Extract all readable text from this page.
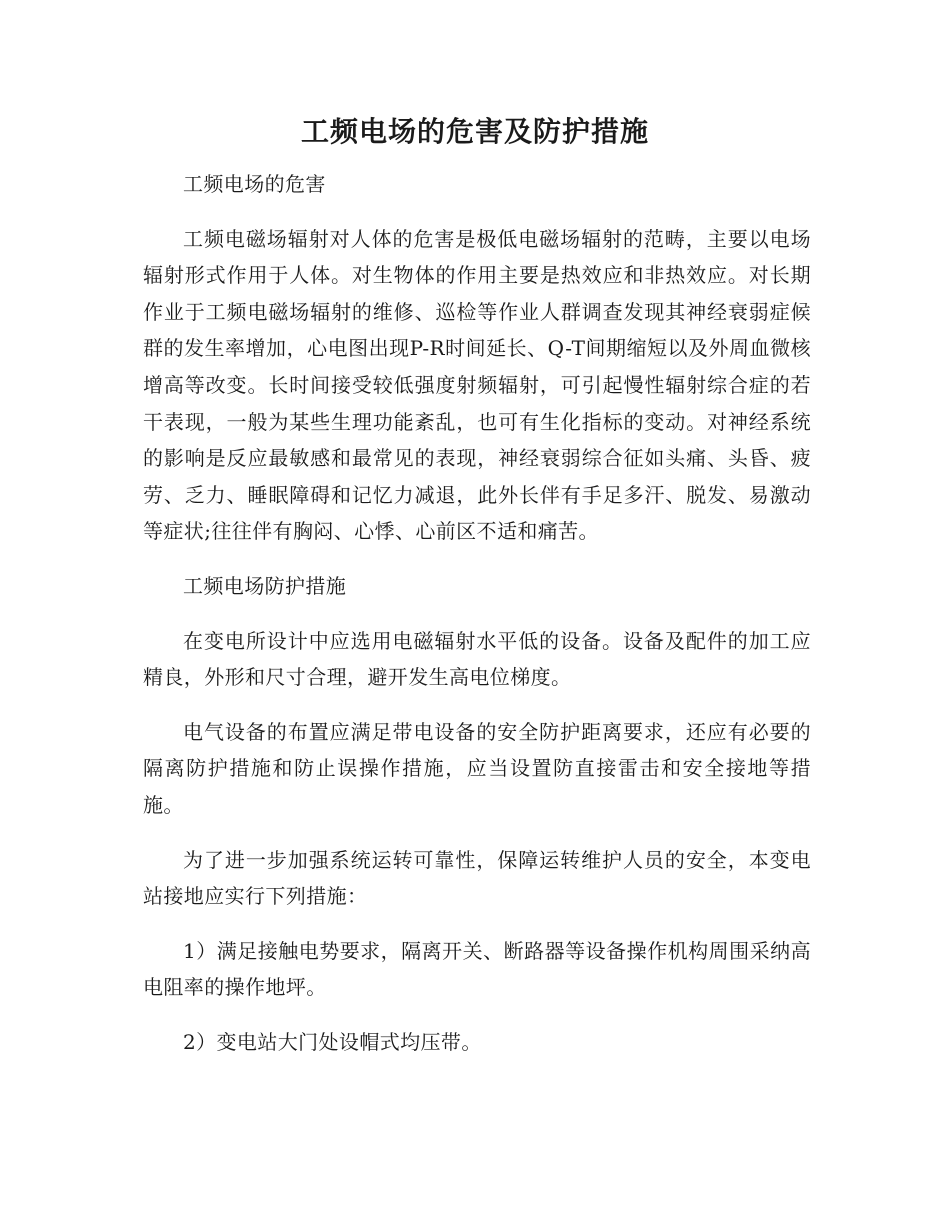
工频电场的危害及防护措施

工频电场的危害

工频电磁场辐射对人体的危害是极低电磁场辐射的范畴，主要以电场辐射形式作用于人体。对生物体的作用主要是热效应和非热效应。对长期作业于工频电磁场辐射的维修、巡检等作业人群调查发现其神经衰弱症候群的发生率增加，心电图出现P-R时间延长、Q-T间期缩短以及外周血微核增高等改变。长时间接受较低强度射频辐射，可引起慢性辐射综合症的若干表现，一般为某些生理功能紊乱，也可有生化指标的变动。对神经系统的影响是反应最敏感和最常见的表现，神经衰弱综合征如头痛、头昏、疲劳、乏力、睡眠障碍和记忆力减退，此外长伴有手足多汗、脱发、易激动等症状;往往伴有胸闷、心悸、心前区不适和痛苦。

工频电场防护措施

在变电所设计中应选用电磁辐射水平低的设备。设备及配件的加工应精良，外形和尺寸合理，避开发生高电位梯度。

电气设备的布置应满足带电设备的安全防护距离要求，还应有必要的隔离防护措施和防止误操作措施，应当设置防直接雷击和安全接地等措施。

为了进一步加强系统运转可靠性，保障运转维护人员的安全，本变电站接地应实行下列措施：

1）满足接触电势要求，隔离开关、断路器等设备操作机构周围采纳高电阻率的操作地坪。

2）变电站大门处设帽式均压带。
